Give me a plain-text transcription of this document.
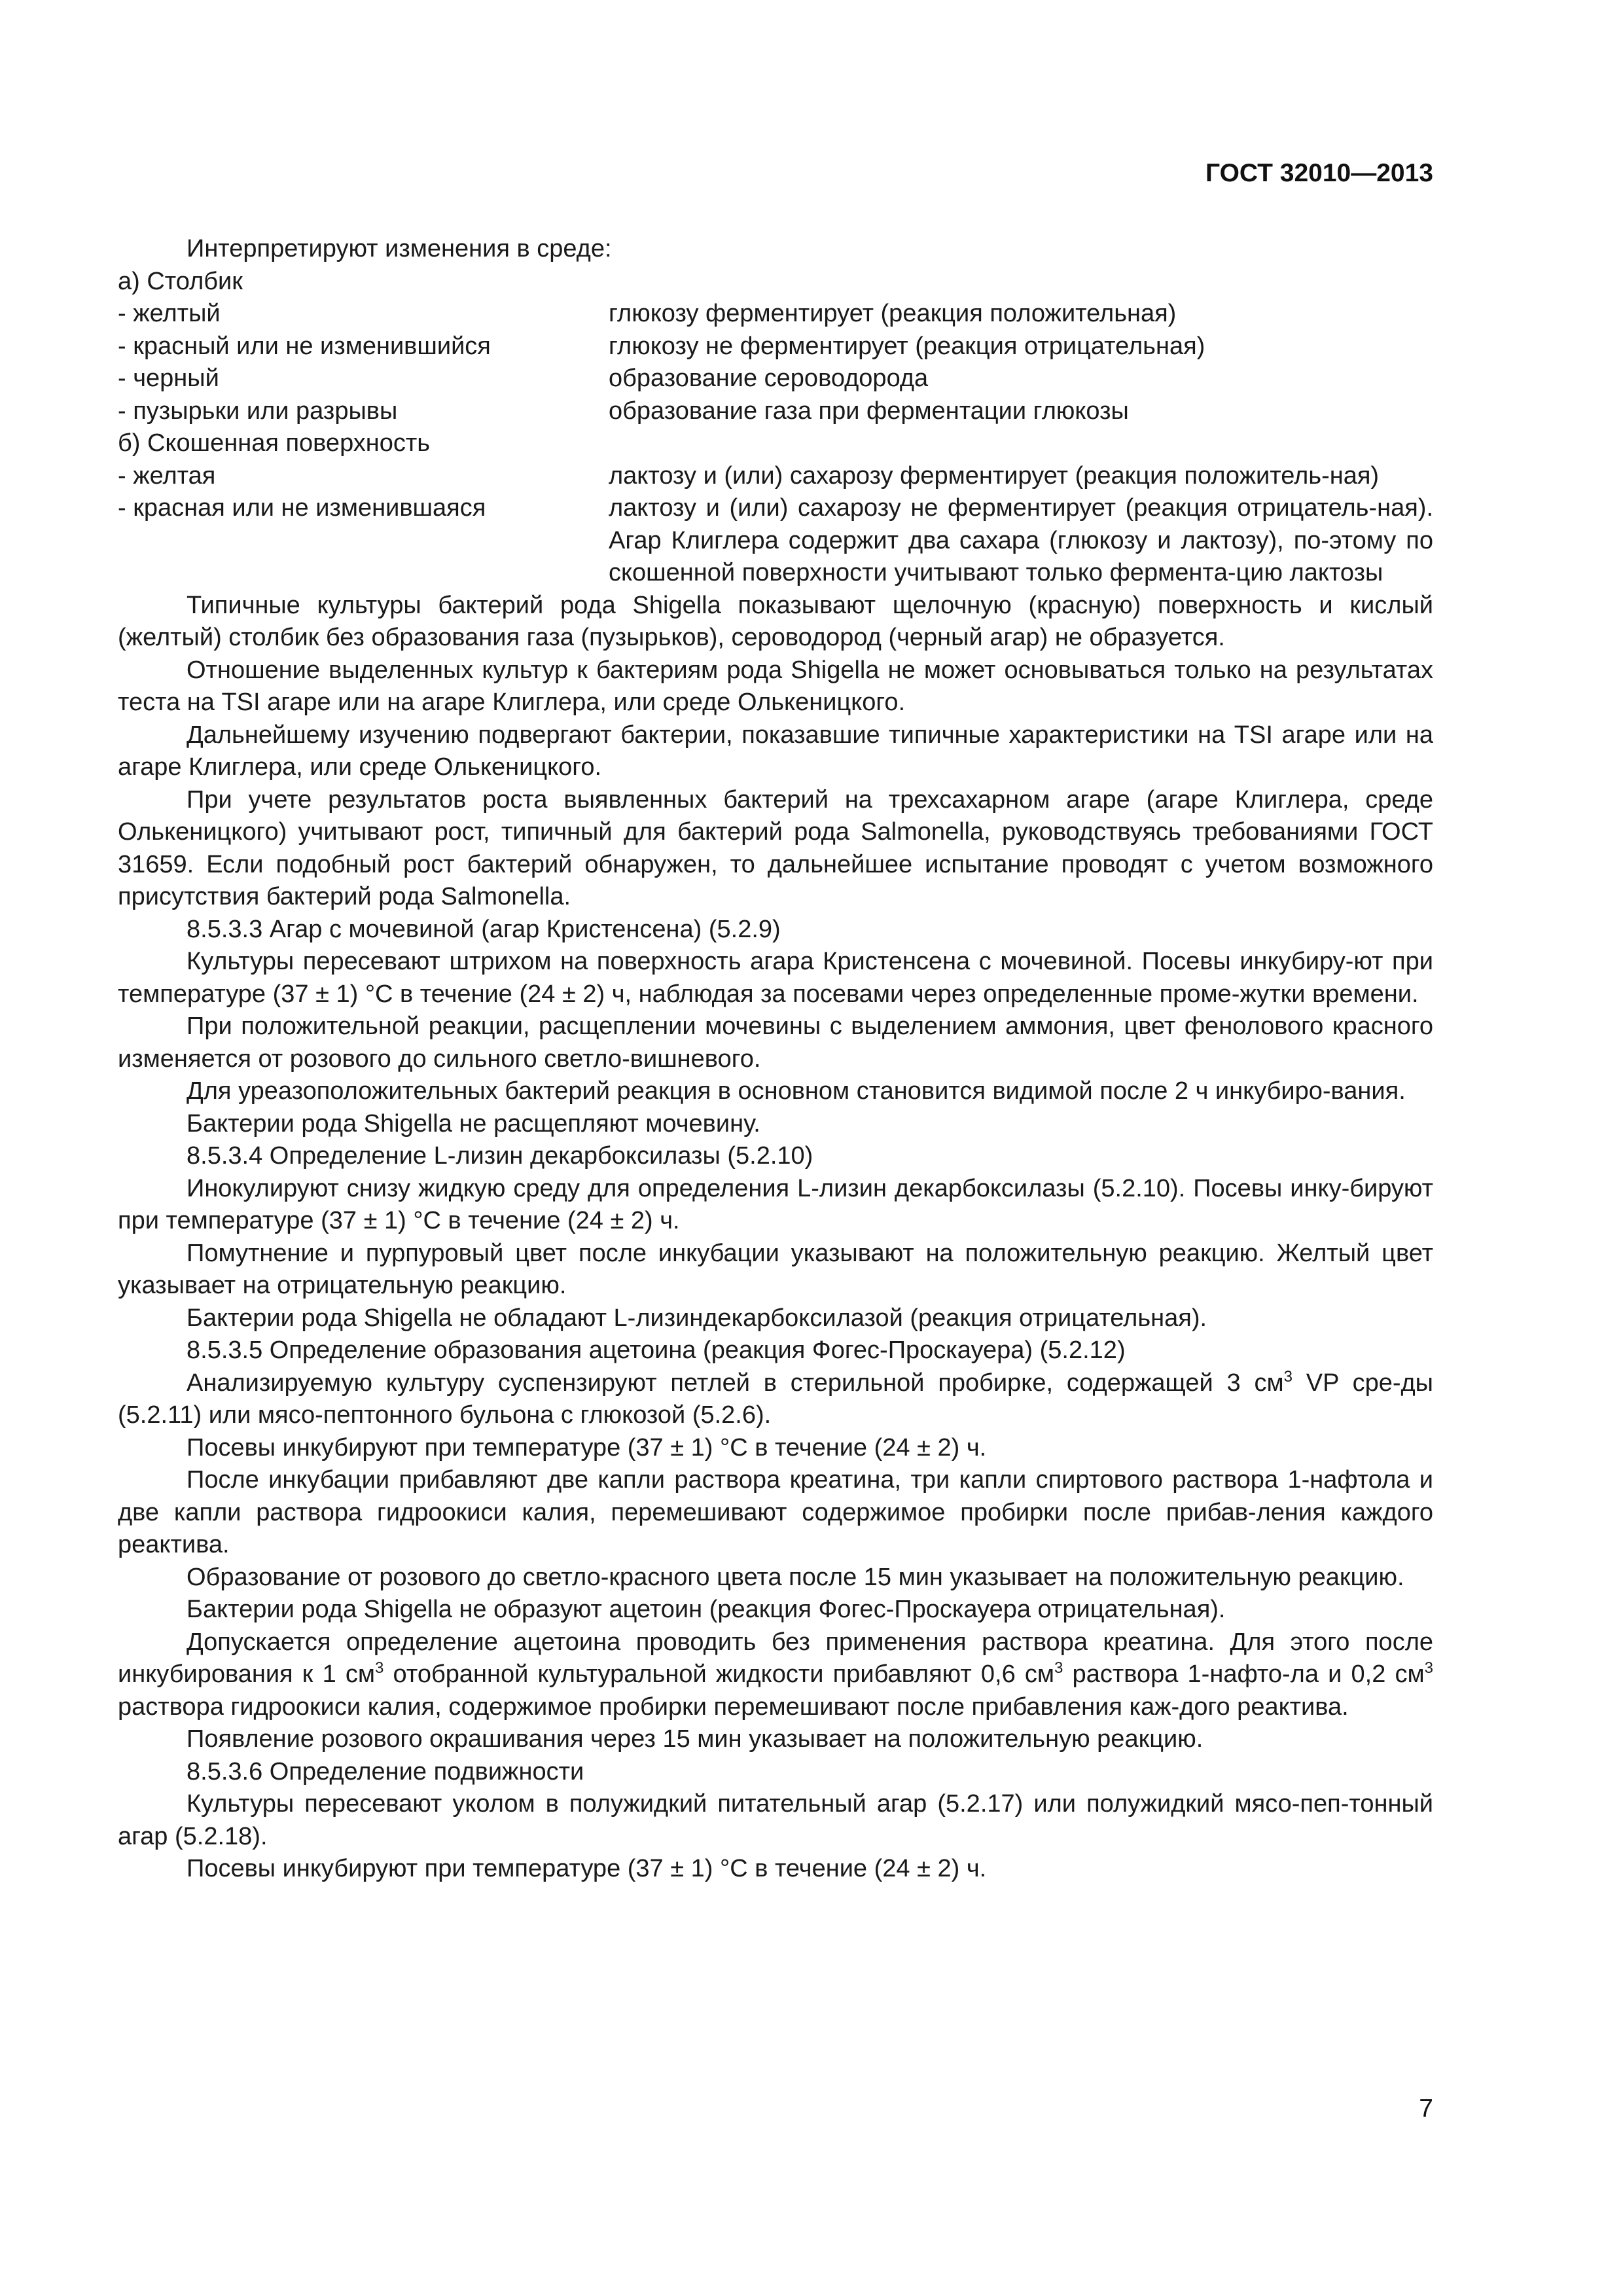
ГОСТ 32010—2013

Интерпретируют изменения в среде:

а) Столбик

- желтый	глюкозу ферментирует (реакция положительная)
- красный или не изменившийся	глюкозу не ферментирует (реакция отрицательная)
- черный	образование сероводорода
- пузырьки или разрывы	образование газа при ферментации глюкозы

б) Скошенная поверхность

- желтая	лактозу и (или) сахарозу ферментирует (реакция положитель-ная)
- красная или не изменившаяся	лактозу и (или) сахарозу не ферментирует (реакция отрицатель-ная). Агар Клиглера содержит два сахара (глюкозу и лактозу), по-этому по скошенной поверхности учитывают только ферментa-цию лактозы

Типичные культуры бактерий рода Shigella показывают щелочную (красную) поверхность и кислый (желтый) столбик без образования газа (пузырьков), сероводород (черный агар) не образуется.

Отношение выделенных культур к бактериям рода Shigella не может основываться только на результатах теста на TSI агаре или на агаре Клиглера, или среде Олькеницкого.

Дальнейшему изучению подвергают бактерии, показавшие типичные характеристики на TSI агаре или на агаре Клиглера, или среде Олькеницкого.

При учете результатов роста выявленных бактерий на трехсахарном агаре (агаре Клиглера, среде Олькеницкого) учитывают рост, типичный для бактерий рода Salmonella, руководствуясь требованиями ГОСТ 31659. Если подобный рост бактерий обнаружен, то дальнейшее испытание проводят с учетом возможного присутствия бактерий рода Salmonella.

8.5.3.3 Агар с мочевиной (агар Кристенсена) (5.2.9)

Культуры пересевают штрихом на поверхность агара Кристенсена с мочевиной. Посевы инкубиру-ют при температуре (37 ± 1) °С в течение (24 ± 2) ч, наблюдая за посевами через определенные проме-жутки времени.

При положительной реакции, расщеплении мочевины с выделением аммония, цвет фенолового красного изменяется от розового до сильного светло-вишневого.

Для уреазоположительных бактерий реакция в основном становится видимой после 2 ч инкубиро-вания.

Бактерии рода Shigella не расщепляют мочевину.

8.5.3.4 Определение L-лизин декарбоксилазы (5.2.10)

Инокулируют снизу жидкую среду для определения L-лизин декарбоксилазы (5.2.10). Посевы инку-бируют при температуре (37 ± 1) °С в течение (24 ± 2) ч.

Помутнение и пурпуровый цвет после инкубации указывают на положительную реакцию. Желтый цвет указывает на отрицательную реакцию.

Бактерии рода Shigella не обладают L-лизиндекарбоксилазой (реакция отрицательная).

8.5.3.5 Определение образования ацетоина (реакция Фогес-Проскауера) (5.2.12)

Анализируемую культуру суспензируют петлей в стерильной пробирке, содержащей 3 $см^3$ VP сре-ды (5.2.11) или мясо-пептонного бульона с глюкозой (5.2.6).

Посевы инкубируют при температуре (37 ± 1) °С в течение (24 ± 2) ч.

После инкубации прибавляют две капли раствора креатина, три капли спиртового раствора 1-нафтола и две капли раствора гидроокиси калия, перемешивают содержимое пробирки после прибав-ления каждого реактива.

Образование от розового до светло-красного цвета после 15 мин указывает на положительную реакцию.

Бактерии рода Shigella не образуют ацетоин (реакция Фогес-Проскауера отрицательная).

Допускается определение ацетоина проводить без применения раствора креатина. Для этого после инкубирования к 1 $см^3$ отобранной культуральной жидкости прибавляют 0,6 $см^3$ раствора 1-нафто-ла и 0,2 $см^3$ раствора гидроокиси калия, содержимое пробирки перемешивают после прибавления каж-дого реактива.

Появление розового окрашивания через 15 мин указывает на положительную реакцию.

8.5.3.6 Определение подвижности

Культуры пересевают уколом в полужидкий питательный агар (5.2.17) или полужидкий мясо-пеп-тонный агар (5.2.18).

Посевы инкубируют при температуре (37 ± 1) °С в течение (24 ± 2) ч.

7
